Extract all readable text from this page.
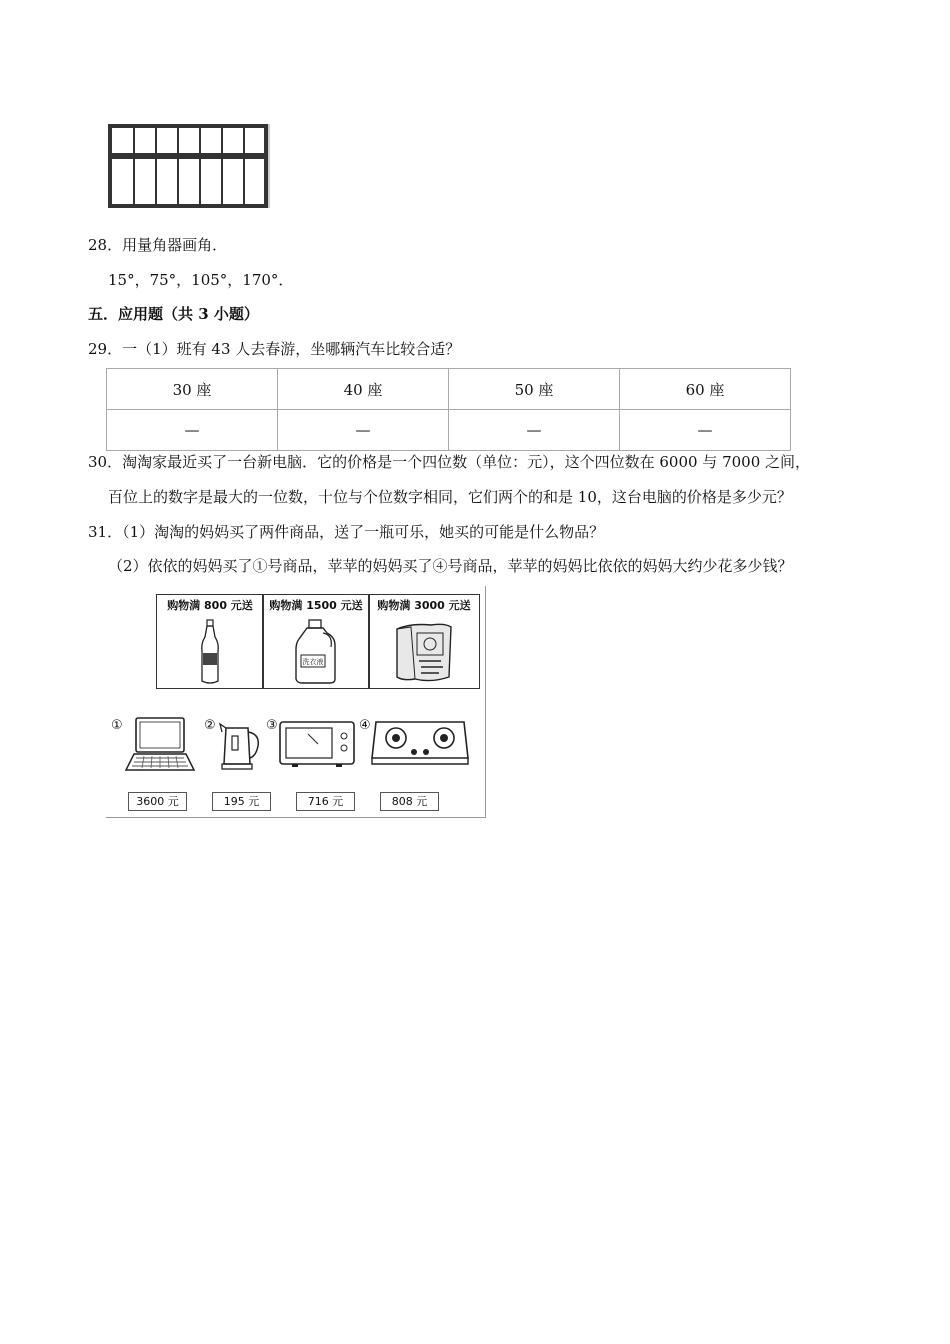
28．用量角器画角．
15°，75°，105°，170°．
五．应用题（共 3 小题）
29．一（1）班有 43 人去春游，坐哪辆汽车比较合适？
30 座	40 座	50 座	60 座
—	—	—	—
30．淘淘家最近买了一台新电脑．它的价格是一个四位数（单位：元），这个四位数在 6000 与 7000 之间，
百位上的数字是最大的一位数，十位与个位数字相同，它们两个的和是 10，这台电脑的价格是多少元？
31．（1）淘淘的妈妈买了两件商品，送了一瓶可乐，她买的可能是什么物品？
（2）依依的妈妈买了①号商品，苹苹的妈妈买了④号商品，苹苹的妈妈比依依的妈妈大约少花多少钱？
购物满 800 元送	购物满 1500 元送
洗衣液
购物满 3000 元送
①	②	③	④
3600 元	195 元	716 元	808 元
